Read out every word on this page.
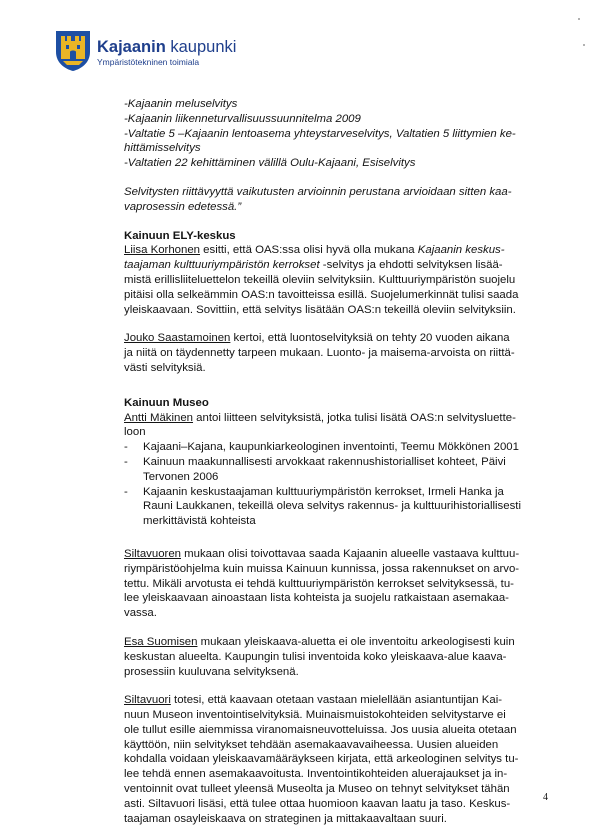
Kajaanin kaupunki
Ympäristötekninen toimiala
-Kajaanin meluselvitys
-Kajaanin liikenneturvallisuussuunnitelma 2009
-Valtatie 5 –Kajaanin lentoasema yhteystarveselvitys, Valtatien 5 liittymien ke-
hittämisselvitys
-Valtatien 22 kehittäminen välillä Oulu-Kajaani, Esiselvitys
Selvitysten riittävyyttä vaikutusten arvioinnin perustana arvioidaan sitten kaa-
vaprosessin edetessä.”
Kainuun ELY-keskus
Liisa Korhonen esitti, että OAS:ssa olisi hyvä olla mukana Kajaanin keskus-
taajaman kulttuuriympäristön kerrokset -selvitys ja ehdotti selvityksen lisää-
mistä erillisliiteluettelon tekeillä oleviin selvityksiin. Kulttuuriympäristön suojelu
pitäisi olla selkeämmin OAS:n tavoitteissa esillä. Suojelumerkinnät tulisi saada
yleiskaavaan. Sovittiin, että selvitys lisätään OAS:n tekeillä oleviin selvityksiin.
Jouko Saastamoinen kertoi, että luontoselvityksiä on tehty 20 vuoden aikana
ja niitä on täydennetty tarpeen mukaan. Luonto- ja maisema-arvoista on riittä-
västi selvityksiä.
Kainuun Museo
Antti Mäkinen antoi liitteen selvityksistä, jotka tulisi lisätä OAS:n selvitysluette-
loon
- Kajaani–Kajana, kaupunkiarkeologinen inventointi, Teemu Mökkönen 2001
- Kainuun maakunnallisesti arvokkaat rakennushistorialliset kohteet, Päivi
Tervonen 2006
- Kajaanin keskustaajaman kulttuuriympäristön kerrokset, Irmeli Hanka ja
Rauni Laukkanen, tekeillä oleva selvitys rakennus- ja kulttuurihistoriallisesti
merkittävistä kohteista
Siltavuoren mukaan olisi toivottavaa saada Kajaanin alueelle vastaava kulttuu-
riympäristöohjelma kuin muissa Kainuun kunnissa, jossa rakennukset on arvo-
tettu. Mikäli arvotusta ei tehdä kulttuuriympäristön kerrokset selvityksessä, tu-
lee yleiskaavaan ainoastaan lista kohteista ja suojelu ratkaistaan asemakaa-
vassa.
Esa Suomisen mukaan yleiskaava-aluetta ei ole inventoitu arkeologisesti kuin
keskustan alueelta. Kaupungin tulisi inventoida koko yleiskaava-alue kaava-
prosessiin kuuluvana selvityksenä.
Siltavuori totesi, että kaavaan otetaan vastaan mielellään asiantuntijan Kai-
nuun Museon inventointiselvityksiä. Muinaismuistokohteiden selvitystarve ei
ole tullut esille aiemmissa viranomaisneuvotteluissa. Jos uusia alueita otetaan
käyttöön, niin selvitykset tehdään asemakaavavaiheessa. Uusien alueiden
kohdalla voidaan yleiskaavamääräykseen kirjata, että arkeologinen selvitys tu-
lee tehdä ennen asemakaavoitusta. Inventointikohteiden aluerajaukset ja in-
ventoinnit ovat tulleet yleensä Museolta ja Museo on tehnyt selvitykset tähän
asti. Siltavuori lisäsi, että tulee ottaa huomioon kaavan laatu ja taso. Keskus-
taajaman osayleiskaava on strateginen ja mittakaavaltaan suuri.
4
